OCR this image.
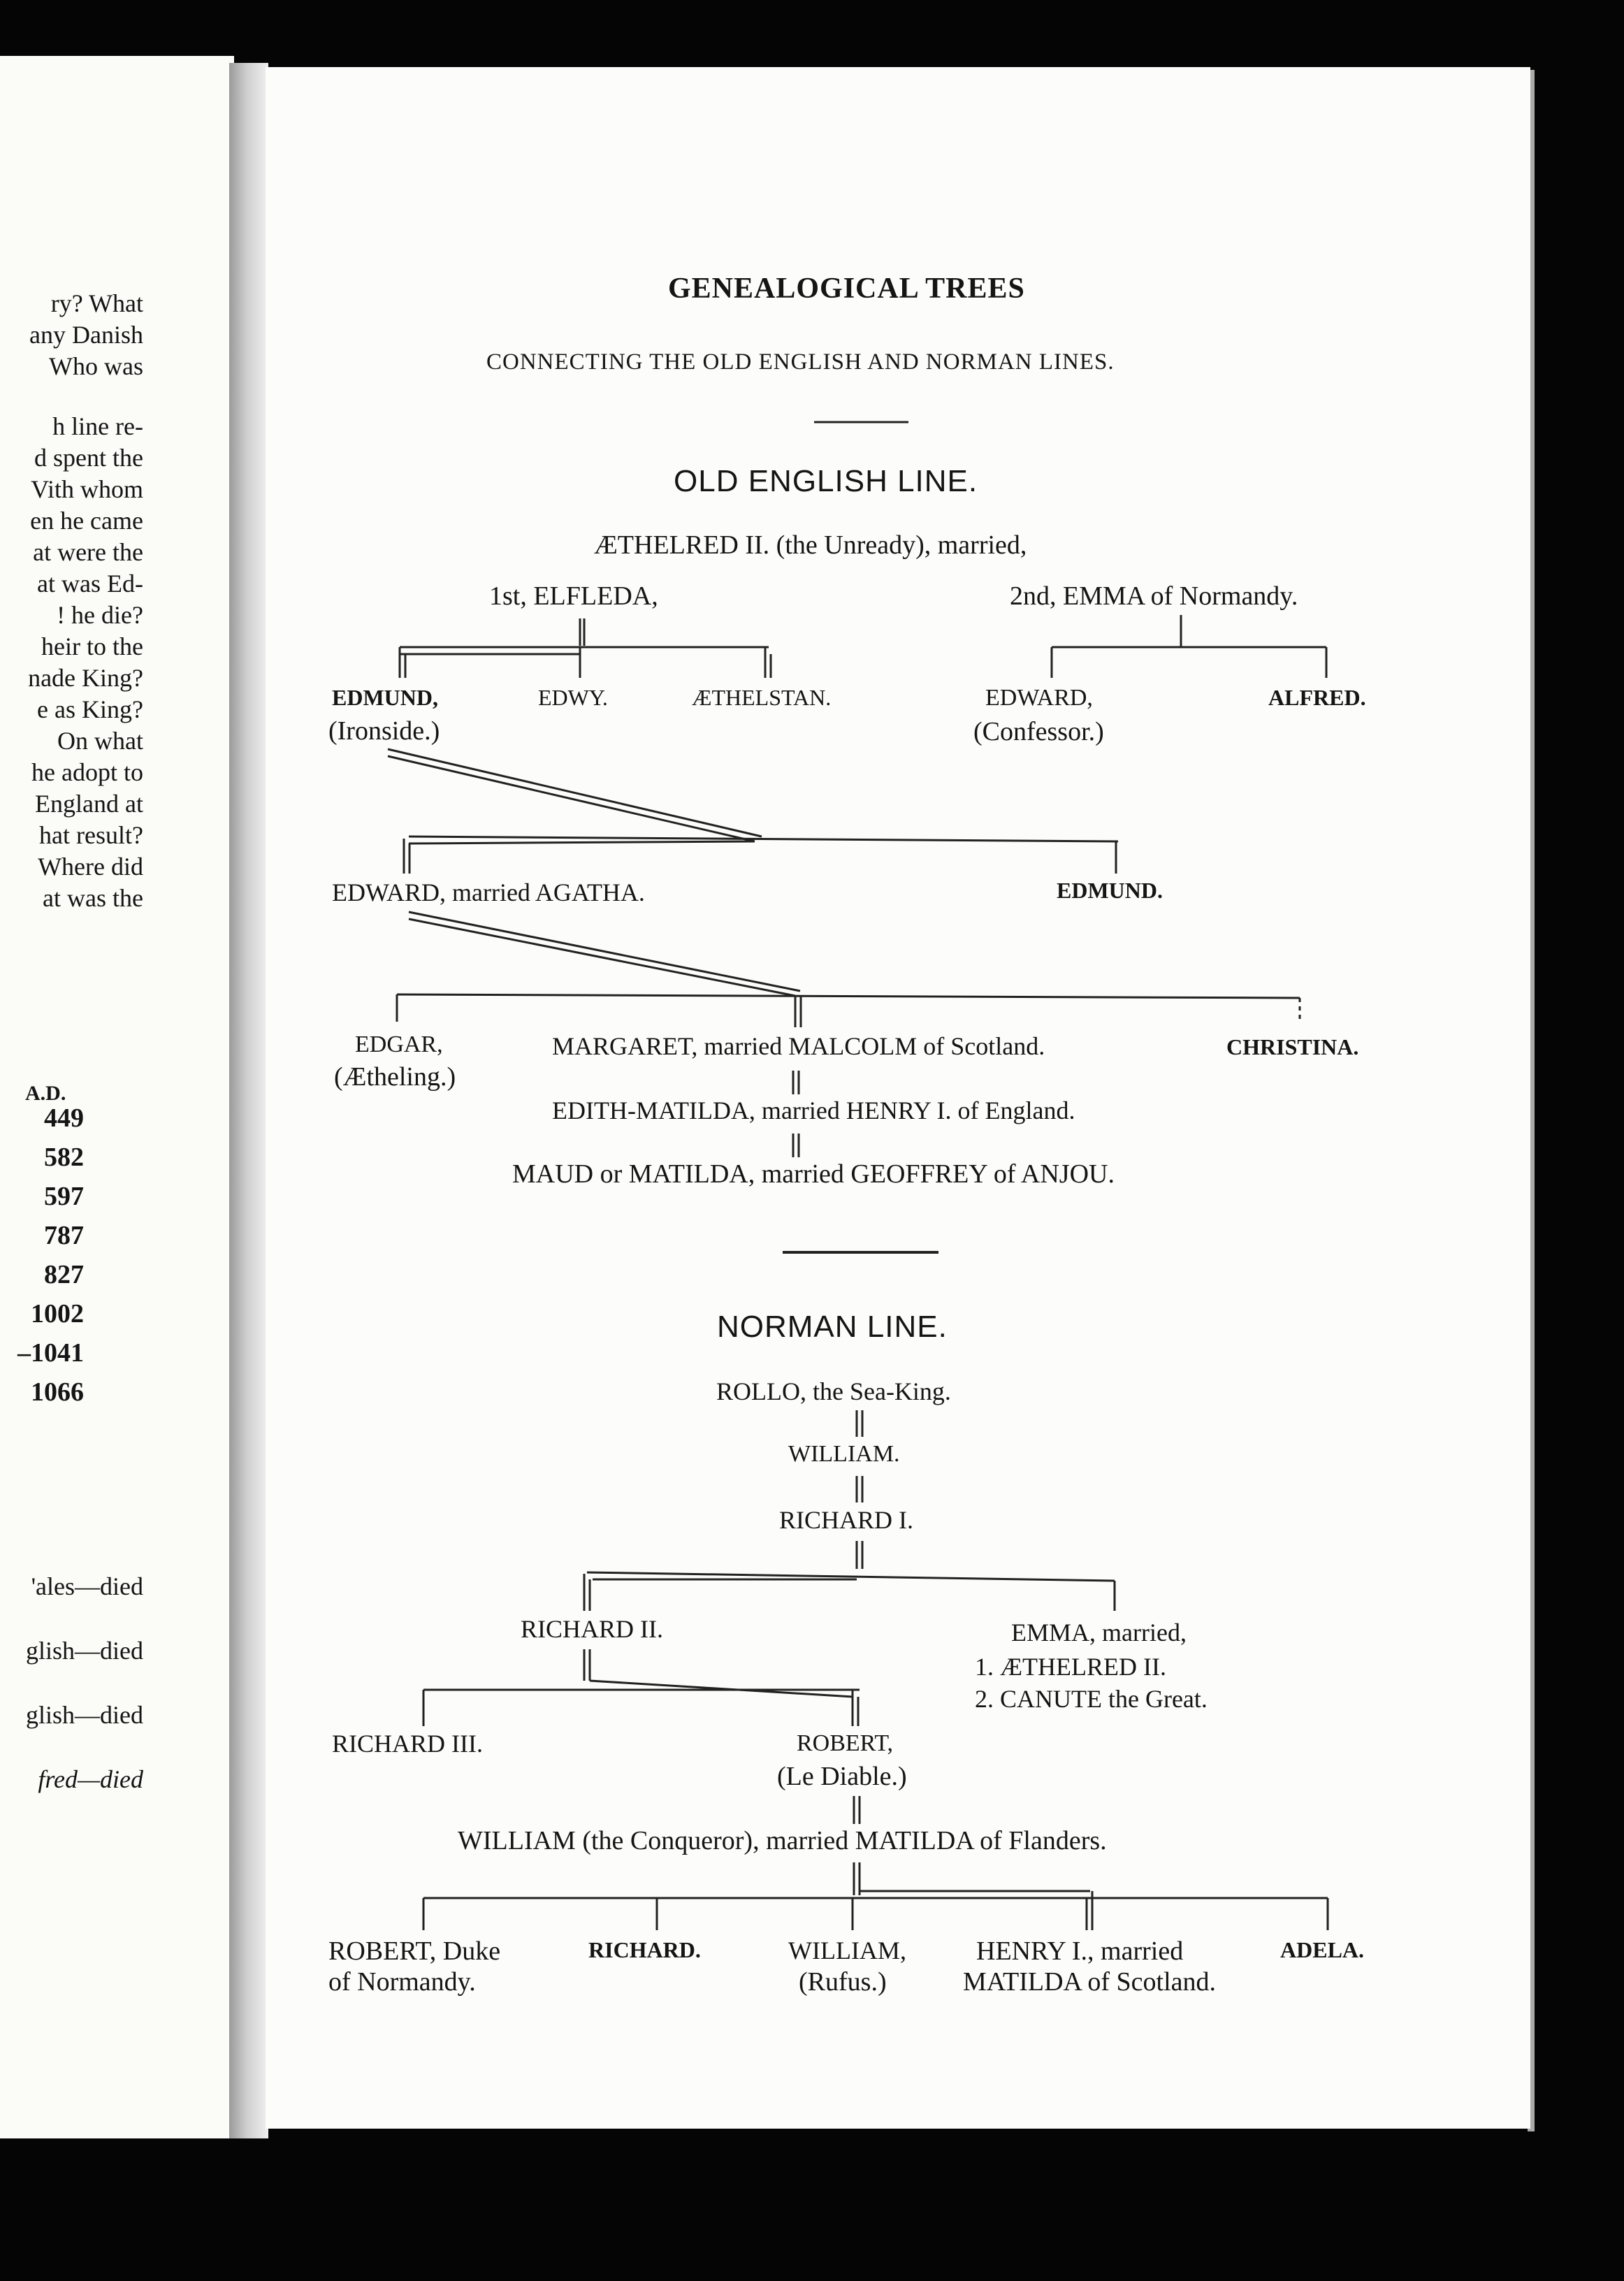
ry? What
any Danish
Who was
h line re-
d spent the
Vith whom
en he came
at were the
at was Ed-
! he die?
heir to the
nade King?
e as King?
On what
he adopt to
England at
hat result?
Where did
at was the
A.D.
449
582
597
787
827
1002
–1041
1066
'ales—died
glish—died
glish—died
fred—died
GENEALOGICAL TREES
CONNECTING THE OLD ENGLISH AND NORMAN LINES.
OLD ENGLISH LINE.
ÆTHELRED II. (the Unready), married,
1st, ELFLEDA,	2nd, EMMA of Normandy.
EDMUND,
(Ironside.)
EDWY.	ÆTHELSTAN.	EDWARD,
(Confessor.)
ALFRED.
EDWARD, married AGATHA.	EDMUND.
EDGAR,
(Ætheling.)
MARGARET, married MALCOLM of Scotland.	CHRISTINA.
EDITH-MATILDA, married HENRY I. of England.
MAUD or MATILDA, married GEOFFREY of ANJOU.
NORMAN LINE.
ROLLO, the Sea-King.
WILLIAM.
RICHARD I.
RICHARD II.	EMMA, married,
1. ÆTHELRED II.
2. CANUTE the Great.
RICHARD III.	ROBERT,
(Le Diable.)
WILLIAM (the Conqueror), married MATILDA of Flanders.
ROBERT, Duke
of Normandy.
RICHARD.	WILLIAM,
(Rufus.)
HENRY I., married
MATILDA of Scotland.
ADELA.
